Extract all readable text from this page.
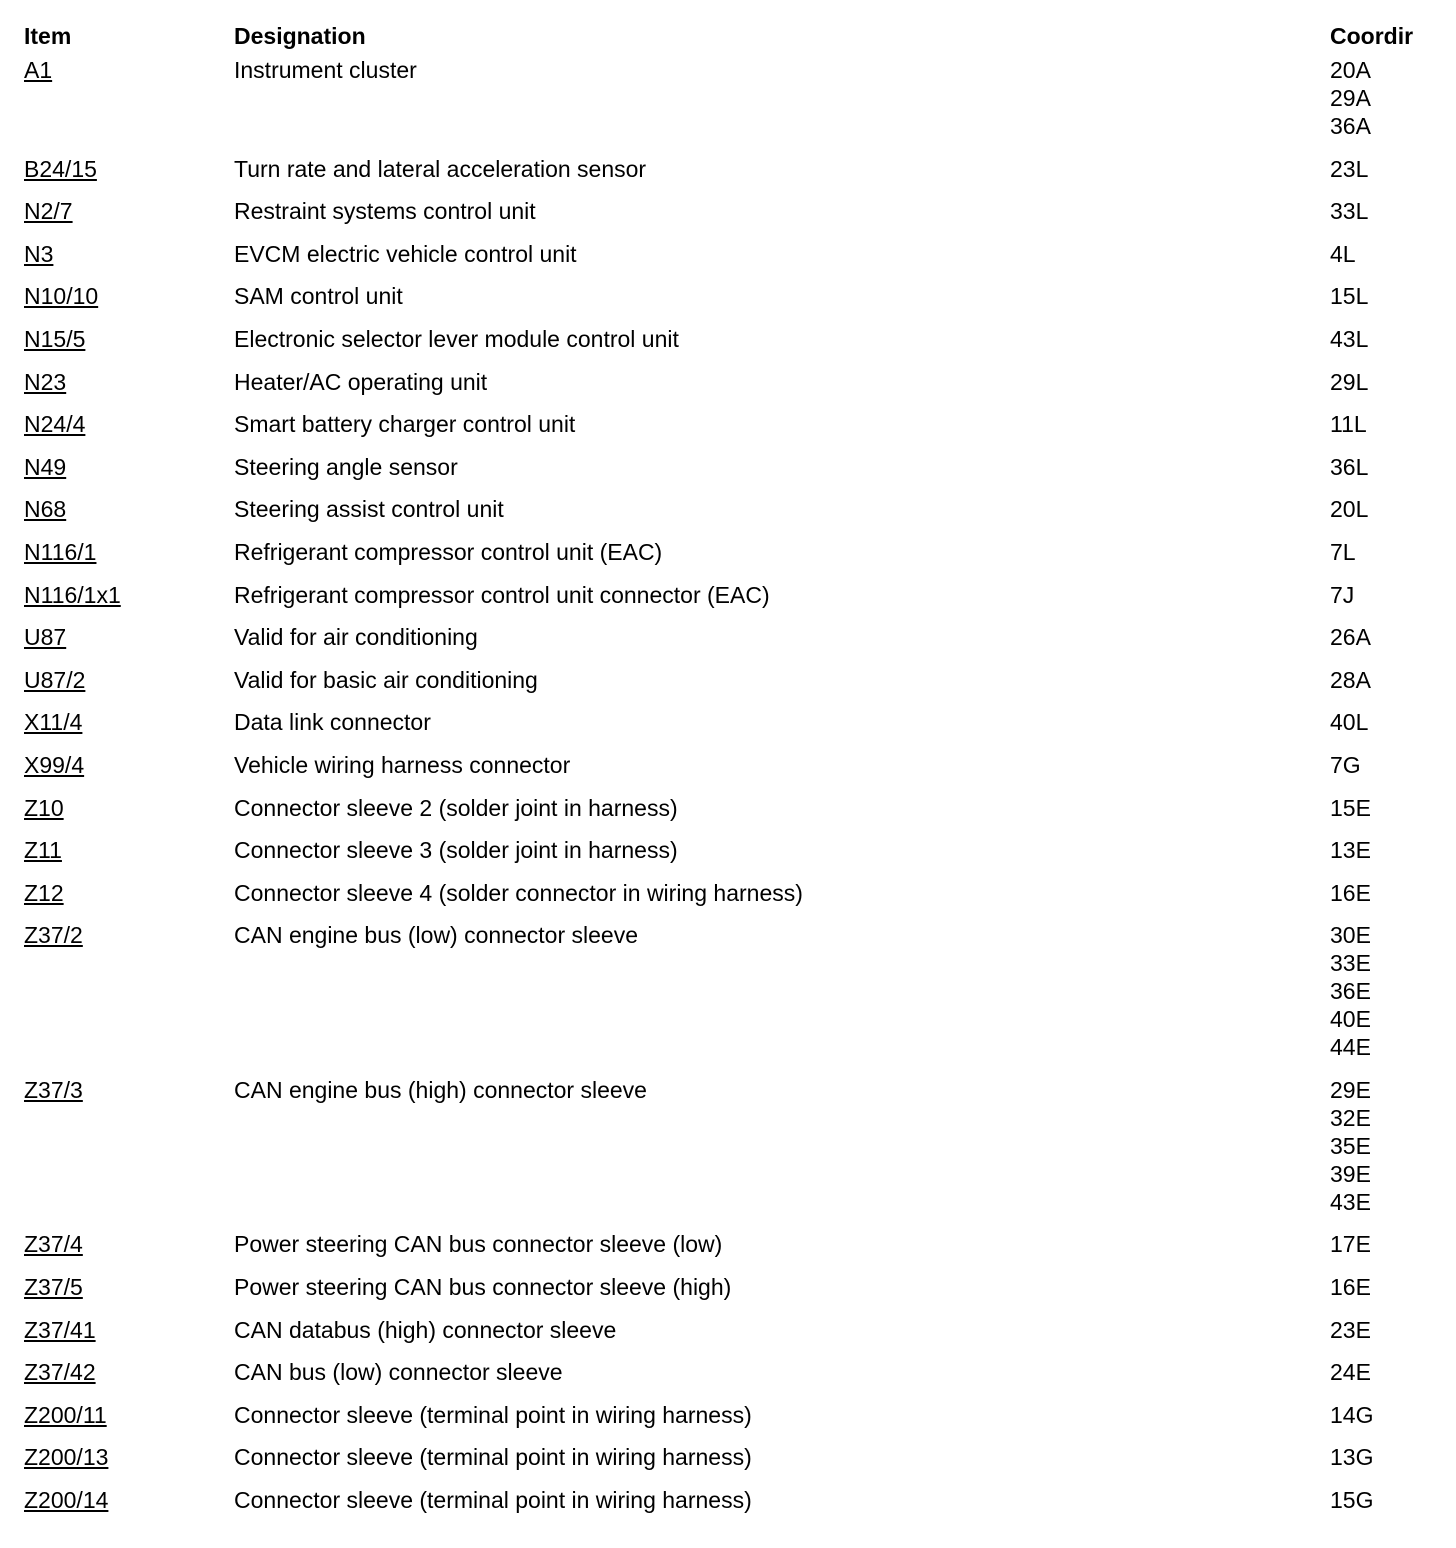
Item	Designation	Coordir
A1	Instrument cluster	20A
29A
36A

B24/15	Turn rate and lateral acceleration sensor	23L

N2/7	Restraint systems control unit	33L

N3	EVCM electric vehicle control unit	4L

N10/10	SAM control unit	15L

N15/5	Electronic selector lever module control unit	43L

N23	Heater/AC operating unit	29L

N24/4	Smart battery charger control unit	11L

N49	Steering angle sensor	36L

N68	Steering assist control unit	20L

N116/1	Refrigerant compressor control unit (EAC)	7L

N116/1x1	Refrigerant compressor control unit connector (EAC)	7J

U87	Valid for air conditioning	26A

U87/2	Valid for basic air conditioning	28A

X11/4	Data link connector	40L

X99/4	Vehicle wiring harness connector	7G

Z10	Connector sleeve 2 (solder joint in harness)	15E

Z11	Connector sleeve 3 (solder joint in harness)	13E

Z12	Connector sleeve 4 (solder connector in wiring harness)	16E

Z37/2	CAN engine bus (low) connector sleeve	30E
33E
36E
40E
44E

Z37/3	CAN engine bus (high) connector sleeve	29E
32E
35E
39E
43E

Z37/4	Power steering CAN bus connector sleeve (low)	17E

Z37/5	Power steering CAN bus connector sleeve (high)	16E

Z37/41	CAN databus (high) connector sleeve	23E

Z37/42	CAN bus (low) connector sleeve	24E

Z200/11	Connector sleeve (terminal point in wiring harness)	14G

Z200/13	Connector sleeve (terminal point in wiring harness)	13G

Z200/14	Connector sleeve (terminal point in wiring harness)	15G
